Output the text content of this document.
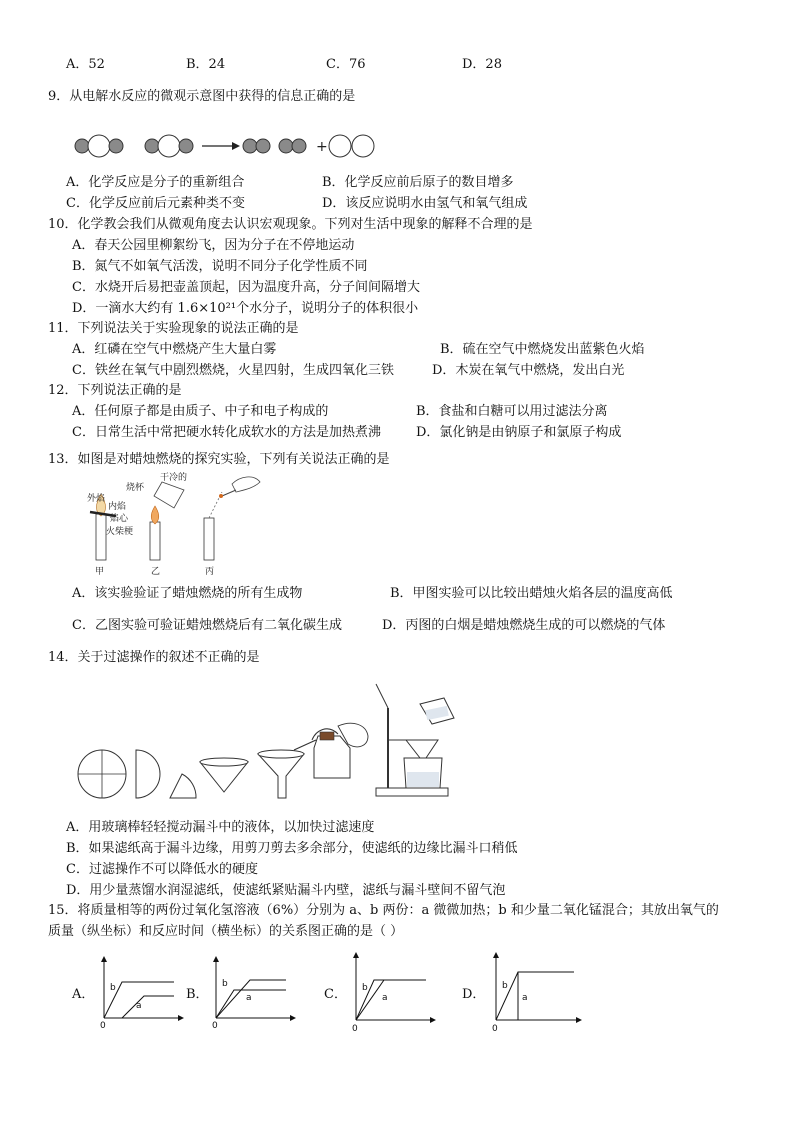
A．52	B．24	C．76	D．28
9．从电解水反应的微观示意图中获得的信息正确的是
+
A．化学反应是分子的重新组合	B．化学反应前后原子的数目增多
C．化学反应前后元素种类不变	D．该反应说明水由氢气和氧气组成
10．化学教会我们从微观角度去认识宏观现象。下列对生活中现象的解释不合理的是
A．春天公园里柳絮纷飞，因为分子在不停地运动
B．氮气不如氧气活泼，说明不同分子化学性质不同
C．水烧开后易把壶盖顶起，因为温度升高，分子间间隔增大
D．一滴水大约有 1.6×10²¹个水分子，说明分子的体积很小
11．下列说法关于实验现象的说法正确的是
A．红磷在空气中燃烧产生大量白雾	B．硫在空气中燃烧发出蓝紫色火焰
C．铁丝在氧气中剧烈燃烧，火星四射，生成四氧化三铁	D．木炭在氧气中燃烧，发出白光
12．下列说法正确的是
A．任何原子都是由质子、中子和电子构成的	B．食盐和白糖可以用过滤法分离
C．日常生活中常把硬水转化成软水的方法是加热煮沸	D．氯化钠是由钠原子和氯原子构成
13．如图是对蜡烛燃烧的探究实验，下列有关说法正确的是
外焰
内焰
焰心
火柴梗
甲
干冷的
烧杯
乙	丙
A．该实验验证了蜡烛燃烧的所有生成物	B．甲图实验可以比较出蜡烛火焰各层的温度高低
C．乙图实验可验证蜡烛燃烧后有二氧化碳生成	D．丙图的白烟是蜡烛燃烧生成的可以燃烧的气体
14．关于过滤操作的叙述不正确的是
A．用玻璃棒轻轻搅动漏斗中的液体，以加快过滤速度
B．如果滤纸高于漏斗边缘，用剪刀剪去多余部分，使滤纸的边缘比漏斗口稍低
C．过滤操作不可以降低水的硬度
D．用少量蒸馏水润湿滤纸，使滤纸紧贴漏斗内壁，滤纸与漏斗壁间不留气泡
15．将质量相等的两份过氧化氢溶液（6%）分别为 a、b 两份：a 微微加热；b 和少量二氧化锰混合；其放出氧气的
质量（纵坐标）和反应时间（横坐标）的关系图正确的是（ ）
A． b
a
0
B．
b
a
0
C． b
a
0
D．
b
a
0
